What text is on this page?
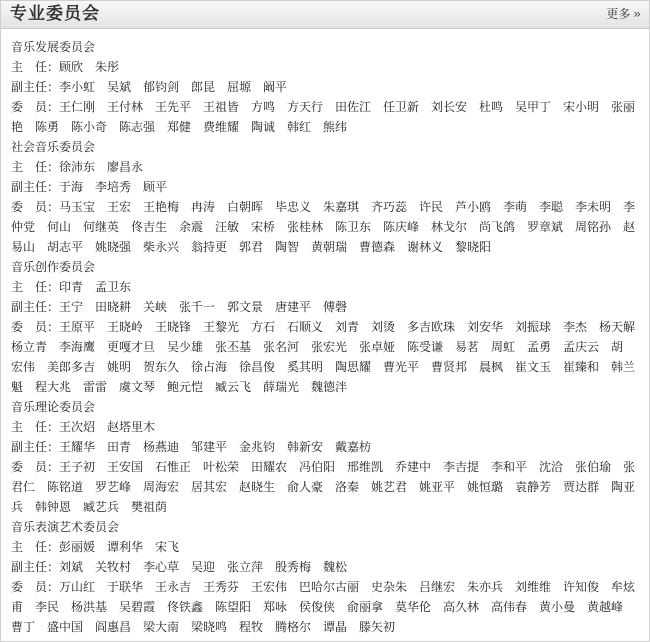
专业委员会	更多 ››
音乐发展委员会
主　任：顾欣　朱彤
副主任：李小虹　吴斌　郁钧剑　郎昆　屈塬　阚平
委　员：王仁刚　王付林　王先平　王祖皆　方鸣　方天行　田佐江　任卫新　刘长安　杜鸣　吴甲丁　宋小明　张丽
艳　陈勇　陈小奇　陈志强　郑健　费维耀　陶诚　韩红　熊纬
社会音乐委员会
主　任：徐沛东　廖昌永
副主任：于海　李培秀　顾平
委　员：马玉宝　王宏　王艳梅　冉涛　白朝晖　毕忠义　朱嘉琪　齐巧蕊　许民　芦小鸥　李萌　李聪　李未明　李
仲党　何山　何继英　佟吉生　余震　汪敏　宋桥　张桂林　陈卫东　陈庆峰　林戈尔　尚飞鸽　罗章斌　周铭孙　赵
易山　胡志平　姚晓强　柴永兴　翁持更　郭君　陶智　黄朝瑞　曹德森　谢林义　黎晓阳
音乐创作委员会
主　任：印青　孟卫东
副主任：王宁　田晓耕　关峡　张千一　郭文景　唐建平　傅磬
委　员：王原平　王晓岭　王晓锋　王黎光　方石　石顺义　刘青　刘烫　多吉欧珠　刘安华　刘振球　李杰　杨天解
杨立青　李海鹰　更嘎才旦　吴少雄　张丕基　张名河　张宏光　张卓娅　陈受谦　易茗　周虹　孟勇　孟庆云　胡
宏伟　美郎多吉　姚明　贺东久　徐占海　徐昌俊　奚其明　陶思耀　曹光平　曹贤邦　晨枫　崔文玉　崔臻和　韩兰
魁　程大兆　雷雷　虞文琴　鲍元恺　臧云飞　薛瑞光　魏德泮
音乐理论委员会
主　任：王次炤　赵塔里木
副主任：王耀华　田青　杨燕迪　邹建平　金兆钧　韩新安　戴嘉枋
委　员：王子初　王安国　石惟正　叶松荣　田耀农　冯伯阳　邢维凯　乔建中　李吉提　李和平　沈洽　张伯瑜　张
君仁　陈铭道　罗艺峰　周海宏　居其宏　赵晓生　俞人豪　洛秦　姚艺君　姚亚平　姚恒璐　袁静芳　贾达群　陶亚
兵　韩钟恩　臧艺兵　樊祖荫
音乐表演艺术委员会
主　任：彭丽媛　谭利华　宋飞
副主任：刘斌　关牧村　李心草　吴迎　张立萍　殷秀梅　魏松
委　员：万山红　于联华　王永吉　王秀芬　王宏伟　巴哈尔古丽　史杂朱　吕继宏　朱亦兵　刘维维　许知俊　牟炫
甫　李民　杨洪基　吴碧霞　佟铁鑫　陈望阳　郑咏　侯俊侠　俞丽拿　莫华伦　高久林　高伟春　黄小曼　黄越峰
曹丁　盛中国　阎惠昌　梁大南　梁晓鸣　程牧　腾格尔　谭晶　滕矢初
